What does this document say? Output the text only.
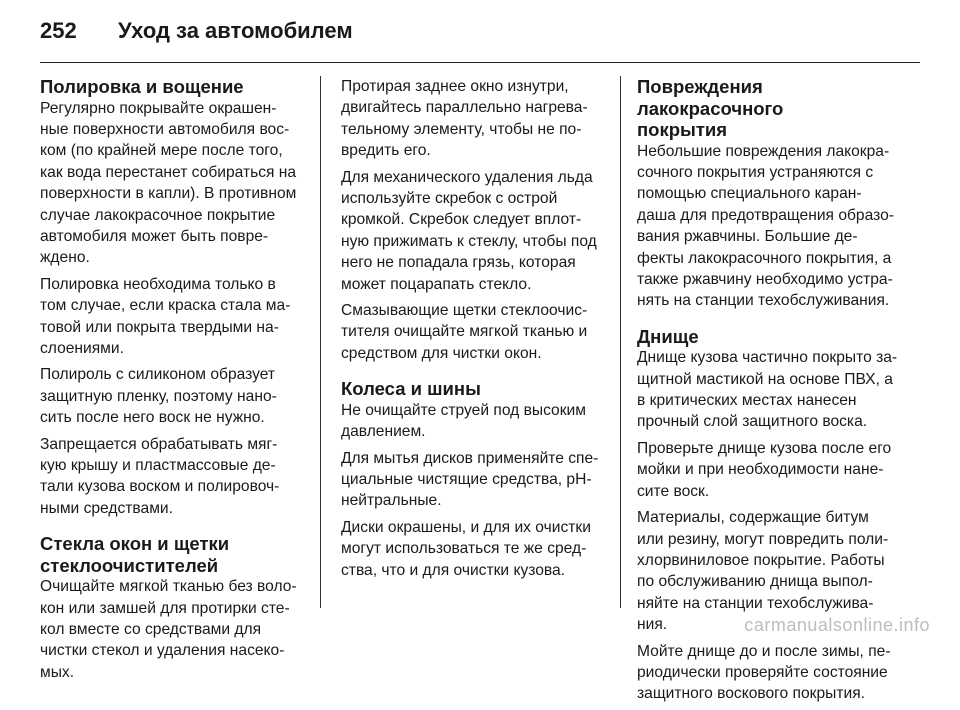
252	Уход за автомобилем
Полировка и вощение

Регулярно покрывайте окрашен-
ные поверхности автомобиля вос-
ком (по крайней мере после того,
как вода перестанет собираться на
поверхности в капли). В противном
случае лакокрасочное покрытие
автомобиля может быть повре-
ждено.

Полировка необходима только в
том случае, если краска стала ма-
товой или покрыта твердыми на-
слоениями.

Полироль с силиконом образует
защитную пленку, поэтому нано-
сить после него воск не нужно.

Запрещается обрабатывать мяг-
кую крышу и пластмассовые де-
тали кузова воском и полировоч-
ными средствами.

Стекла окон и щетки
стеклоочистителей

Очищайте мягкой тканью без воло-
кон или замшей для протирки сте-
кол вместе со средствами для
чистки стекол и удаления насеко-
мых.

Протирая заднее окно изнутри,
двигайтесь параллельно нагрева-
тельному элементу, чтобы не по-
вредить его.

Для механического удаления льда
используйте скребок с острой
кромкой. Скребок следует вплот-
ную прижимать к стеклу, чтобы под
него не попадала грязь, которая
может поцарапать стекло.

Смазывающие щетки стеклоочис-
тителя очищайте мягкой тканью и
средством для чистки окон.

Колеса и шины

Не очищайте струей под высоким
давлением.

Для мытья дисков применяйте спе-
циальные чистящие средства, pH-
нейтральные.

Диски окрашены, и для их очистки
могут использоваться те же сред-
ства, что и для очистки кузова.

Повреждения лакокрасочного
покрытия

Небольшие повреждения лакокра-
сочного покрытия устраняются с
помощью специального каран-
даша для предотвращения образо-
вания ржавчины. Большие де-
фекты лакокрасочного покрытия, а
также ржавчину необходимо устра-
нять на станции техобслуживания.

Днище

Днище кузова частично покрыто за-
щитной мастикой на основе ПВХ, а
в критических местах нанесен
прочный слой защитного воска.

Проверьте днище кузова после его
мойки и при необходимости нане-
сите воск.

Материалы, содержащие битум
или резину, могут повредить поли-
хлорвиниловое покрытие. Работы
по обслуживанию днища выпол-
няйте на станции техобслужива-
ния.

Мойте днище до и после зимы, пе-
риодически проверяйте состояние
защитного воскового покрытия.

carmanualsonline.info
